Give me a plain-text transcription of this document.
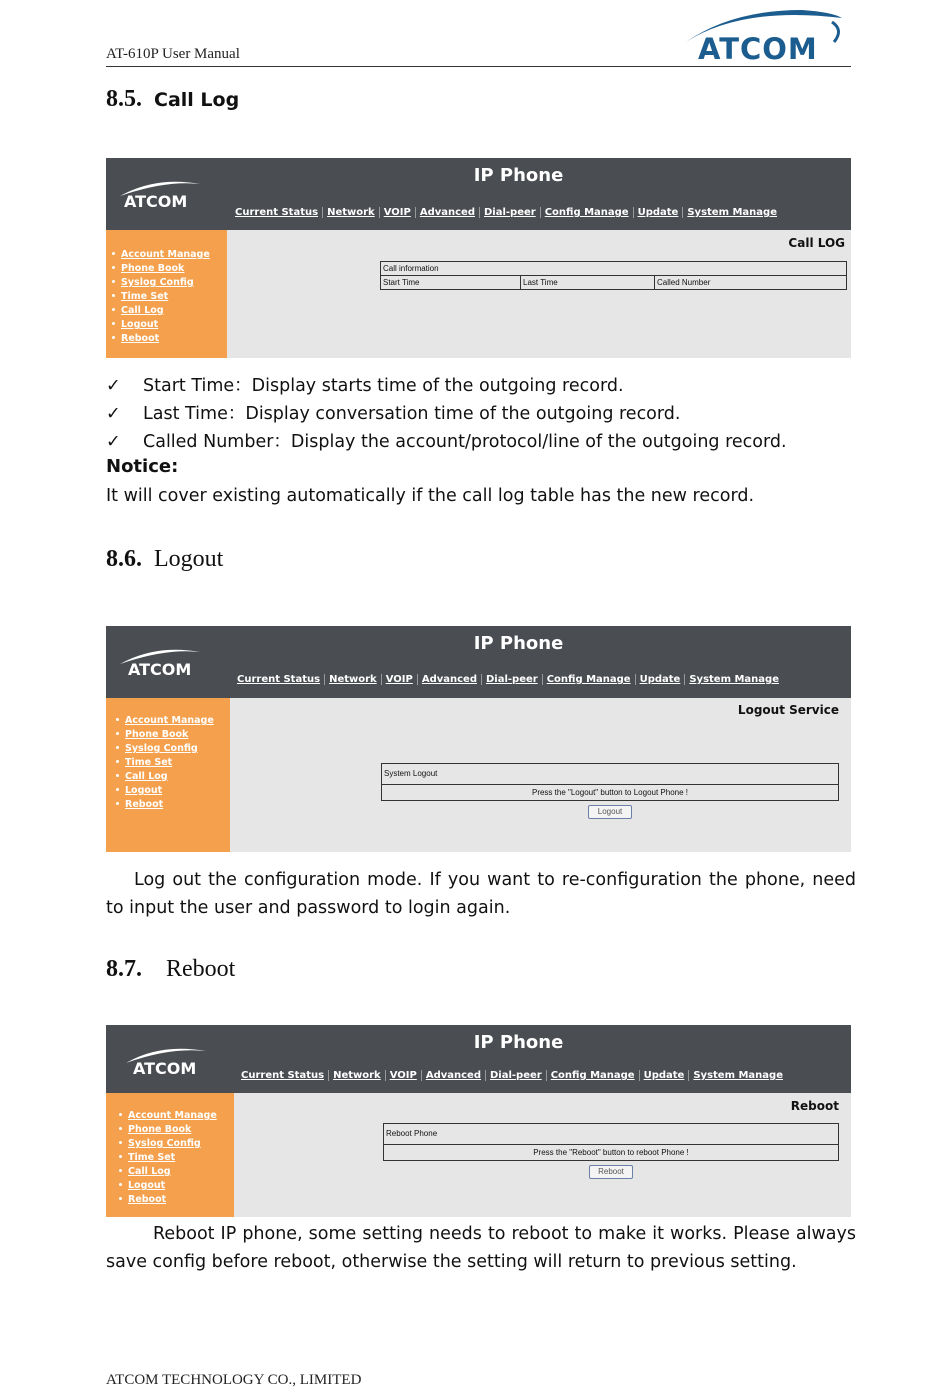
AT-610P User Manual	ATCOM
8.5. Call Log
ATCOM
IP Phone
Current Status Network VOIP Advanced Dial-peer Config Manage Update System Manage
Account Manage
Phone Book
Syslog Config
Time Set
Call Log
Logout
Reboot
Call LOG
Call information
Start Time	Last Time	Called Number
✓ Start Time：Display starts time of the outgoing record.
✓ Last Time：Display conversation time of the outgoing record.
✓ Called Number：Display the account/protocol/line of the outgoing record.
Notice:
It will cover existing automatically if the call log table has the new record.
8.6. Logout
ATCOM
IP Phone
Current Status Network VOIP Advanced Dial-peer Config Manage Update System Manage
Account Manage
Phone Book
Syslog Config
Time Set
Call Log
Logout
Reboot
Logout Service
System Logout
Press the "Logout" button to Logout Phone !
Logout
Log out the configuration mode. If you want to re-configuration the phone, need to input the user and password to login again.
8.7. Reboot
ATCOM
IP Phone
Current Status Network VOIP Advanced Dial-peer Config Manage Update System Manage
Account Manage
Phone Book
Syslog Config
Time Set
Call Log
Logout
Reboot
Reboot
Reboot Phone
Press the "Reboot" button to reboot Phone !
Reboot
Reboot IP phone, some setting needs to reboot to make it works. Please always save config before reboot, otherwise the setting will return to previous setting.
ATCOM TECHNOLOGY CO., LIMITED
